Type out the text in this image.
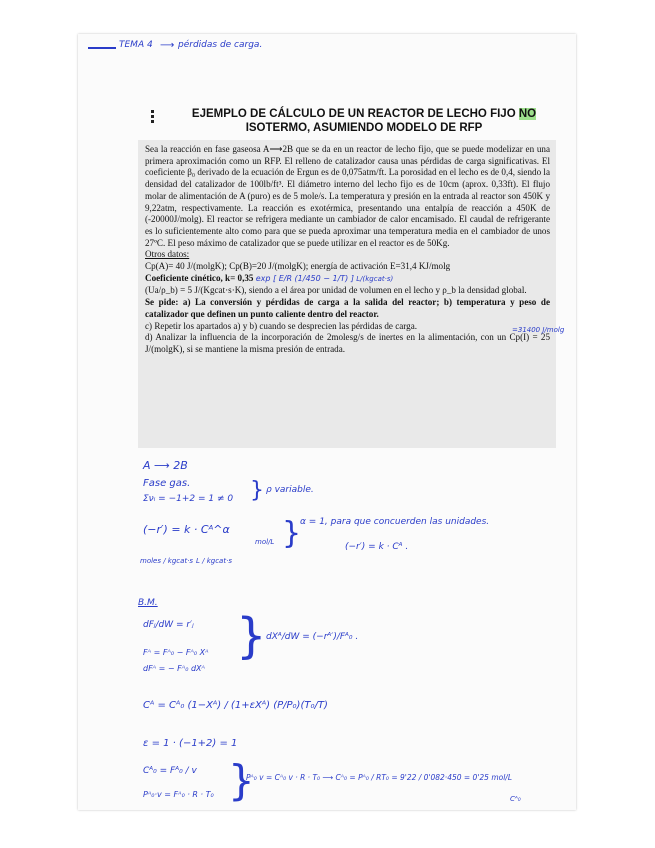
TEMA 4 ⟶ pérdidas de carga.
EJEMPLO DE CÁLCULO DE UN REACTOR DE LECHO FIJO NO
ISOTERMO, ASUMIENDO MODELO DE RFP

Sea la reacción en fase gaseosa A⟶2B que se da en un reactor de lecho fijo, que se puede modelizar en una primera aproximación como un RFP. El relleno de catalizador causa unas pérdidas de carga significativas. El coeficiente β₀ derivado de la ecuación de Ergun es de 0,075atm/ft. La porosidad en el lecho es de 0,4, siendo la densidad del catalizador de 100lb/ft³. El diámetro interno del lecho fijo es de 10cm (aprox. 0,33ft). El flujo molar de alimentación de A (puro) es de 5 mole/s. La temperatura y presión en la entrada al reactor son 450K y 9,22atm, respectivamente. La reacción es exotérmica, presentando una entalpía de reacción a 450K de (-20000J/molg). El reactor se refrigera mediante un cambiador de calor encamisado. El caudal de refrigerante es lo suficientemente alto como para que se pueda aproximar una temperatura media en el cambiador de unos 27ºC. El peso máximo de catalizador que se puede utilizar en el reactor es de 50Kg.

Otros datos:

Cp(A)= 40 J/(molgK); Cp(B)=20 J/(molgK); energía de activación E=31,4 KJ/molg

Coeficiente cinético, k= 0,35 exp [ E/R (1/450 − 1/T) ] L/(kgcat·s)

(Ua/ρ_b) = 5 J/(Kgcat·s·K), siendo a el área por unidad de volumen en el lecho y ρ_b la densidad global.

Se pide: a) La conversión y pérdidas de carga a la salida del reactor; b) temperatura y peso de catalizador que definen un punto caliente dentro del reactor.

c) Repetir los apartados a) y b) cuando se desprecien las pérdidas de carga.

d) Analizar la influencia de la incorporación de 2molesg/s de inertes en la alimentación, con un Cp(I) = 25 J/(molgK), si se mantiene la misma presión de entrada.

=31400 J/molg
A ⟶ 2B
Fase gas.
Σνᵢ = −1+2 = 1 ≠ 0 } ρ variable.
(−r′) = k · Cᴬ^α
mol/L
moles / kgcat·s L / kgcat·s
}
α = 1, para que concuerden las unidades.
(−r′) = k · Cᴬ .
B.M.
dFⱼ/dW = r′ⱼ
Fᴬ = Fᴬ₀ − Fᴬ₀ Xᴬ
dFᴬ = − Fᴬ₀ dXᴬ
} dXᴬ/dW = (−rᴬ′)/Fᴬ₀ .
Cᴬ = Cᴬ₀ (1−Xᴬ) / (1+εXᴬ) (P/P₀)(T₀/T)
ε = 1 · (−1+2) = 1
Cᴬ₀ = Fᴬ₀ / v
Pᴬ₀·v = Fᴬ₀ · R · T₀ }
Pᴬ₀ v = Cᴬ₀ v · R · T₀ ⟶ Cᴬ₀ = Pᴬ₀ / RT₀ = 9'22 / 0'082·450 = 0'25 mol/L
Cᴬ₀
